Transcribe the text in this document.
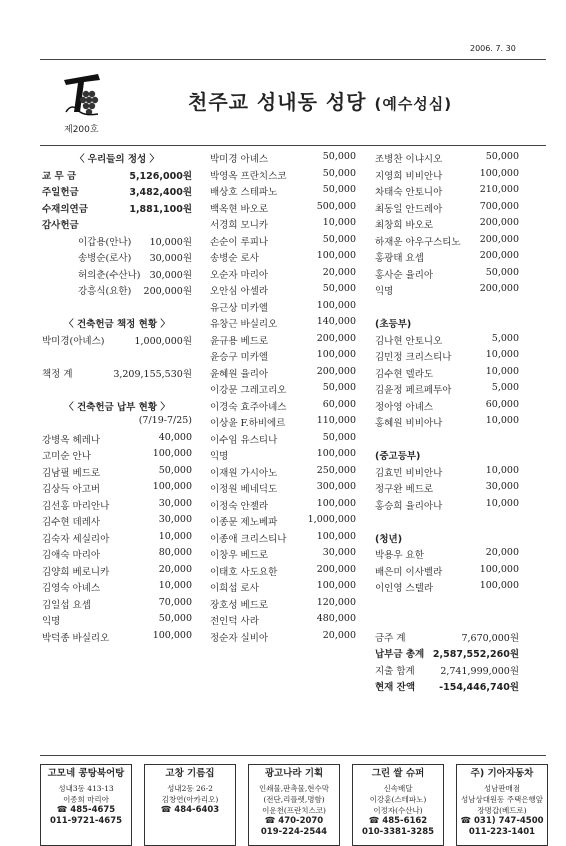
2006. 7. 30
제200호
천주교 성내동 성당 (예수성심)
〈 우리들의 정성 〉
교 무 금	5,126,000원
주일헌금	3,482,400원
수재의연금	1,881,100원
감사헌금
이갑용(안나) 10,000원
송병순(로사) 30,000원
허의춘(수산나) 30,000원
강흥식(요한) 200,000원
〈 건축헌금 책정 현황 〉
박미경(아녜스)	1,000,000원
책정 계	3,209,155,530원
〈 건축헌금 납부 현황 〉
(7/19-7/25)
강병옥 헤레나	40,000
고미순 안나	100,000
김남필 베드로	50,000
김상득 아고버	100,000
김선홍 마리안나	30,000
김수현 데레사	30,000
김숙자 세실리아	10,000
김애숙 마리아	80,000
김양희 베로니카	20,000
김영숙 아녜스	10,000
김일섭 요셉	70,000
익명	50,000
박덕종 바실리오	100,000
박미경 아녜스	50,000
박영옥 프란치스코	50,000
배상호 스테파노	50,000
백옥현 바오로	500,000
서경희 모니카	10,000
손순이 루피나	50,000
송병순 로사	100,000
오순자 마리아	20,000
오안심 아셀라	50,000
유근상 미카엘	100,000
유창근 바실리오	140,000
윤규용 베드로	200,000
윤승구 미카엘	100,000
윤혜원 율리아	200,000
이강문 그레고리오	50,000
이경숙 효주아녜스	60,000
이상윤 F.하비에르	110,000
이수임 유스티나	50,000
익명	100,000
이재원 가시아노	250,000
이정원 베네딕도	300,000
이정숙 안젤라	100,000
이종문 제노베파	1,000,000
이종애 크리스티나	100,000
이창우 베드로	30,000
이태호 사도요한	200,000
이희섭 로사	100,000
장호성 베드로	120,000
전인덕 사라	480,000
정순자 실비아	20,000
조병찬 이냐시오	50,000
지영희 비비안나	100,000
차태숙 안토니아	210,000
최동일 안드레아	700,000
최창희 바오로	200,000
하재운 아우구스티노 200,000
홍광태 요셉	200,000
홍사순 율리아	50,000
익명	200,000
(초등부)
김나현 안토니오	5,000
김민정 크리스티나	10,000
김수현 델라도	10,000
김윤정 페르페투아	5,000
정아영 아녜스	60,000
홍혜원 비비아나	10,000
(중고등부)
김효민 비비안나	10,000
정구완 베드로	30,000
홍승희 율리아나	10,000
(청년)
박용우 요한	20,000
배은미 이사벨라	100,000
이인영 스텔라	100,000
금주 계	7,670,000원
납부금 총계 2,587,552,260원
지출 합계	2,741,999,000원
현재 잔액	-154,446,740원
고모네 콩탕북어탕
성내3동 413-13
이종희 마리아
☎ 485-4675
011-9721-4675
고창 기름집
성내2동 26-2
김창연(아카리오)
☎ 484-6403
광고나라 기획
인쇄물,판촉물,현수막
(전단,리플렛,명함)
이운천(프란치스코)
☎ 470-2070
019-224-2544
그린 쌀 슈퍼
신속배달
이강훈(스테파노)
이정자(수산나)
☎ 485-6162
010-3381-3285
주) 기아자동차
성남판매점
성남상대원동 주택은행앞
장명갑(베드로)
☎ 031) 747-4500
011-223-1401
